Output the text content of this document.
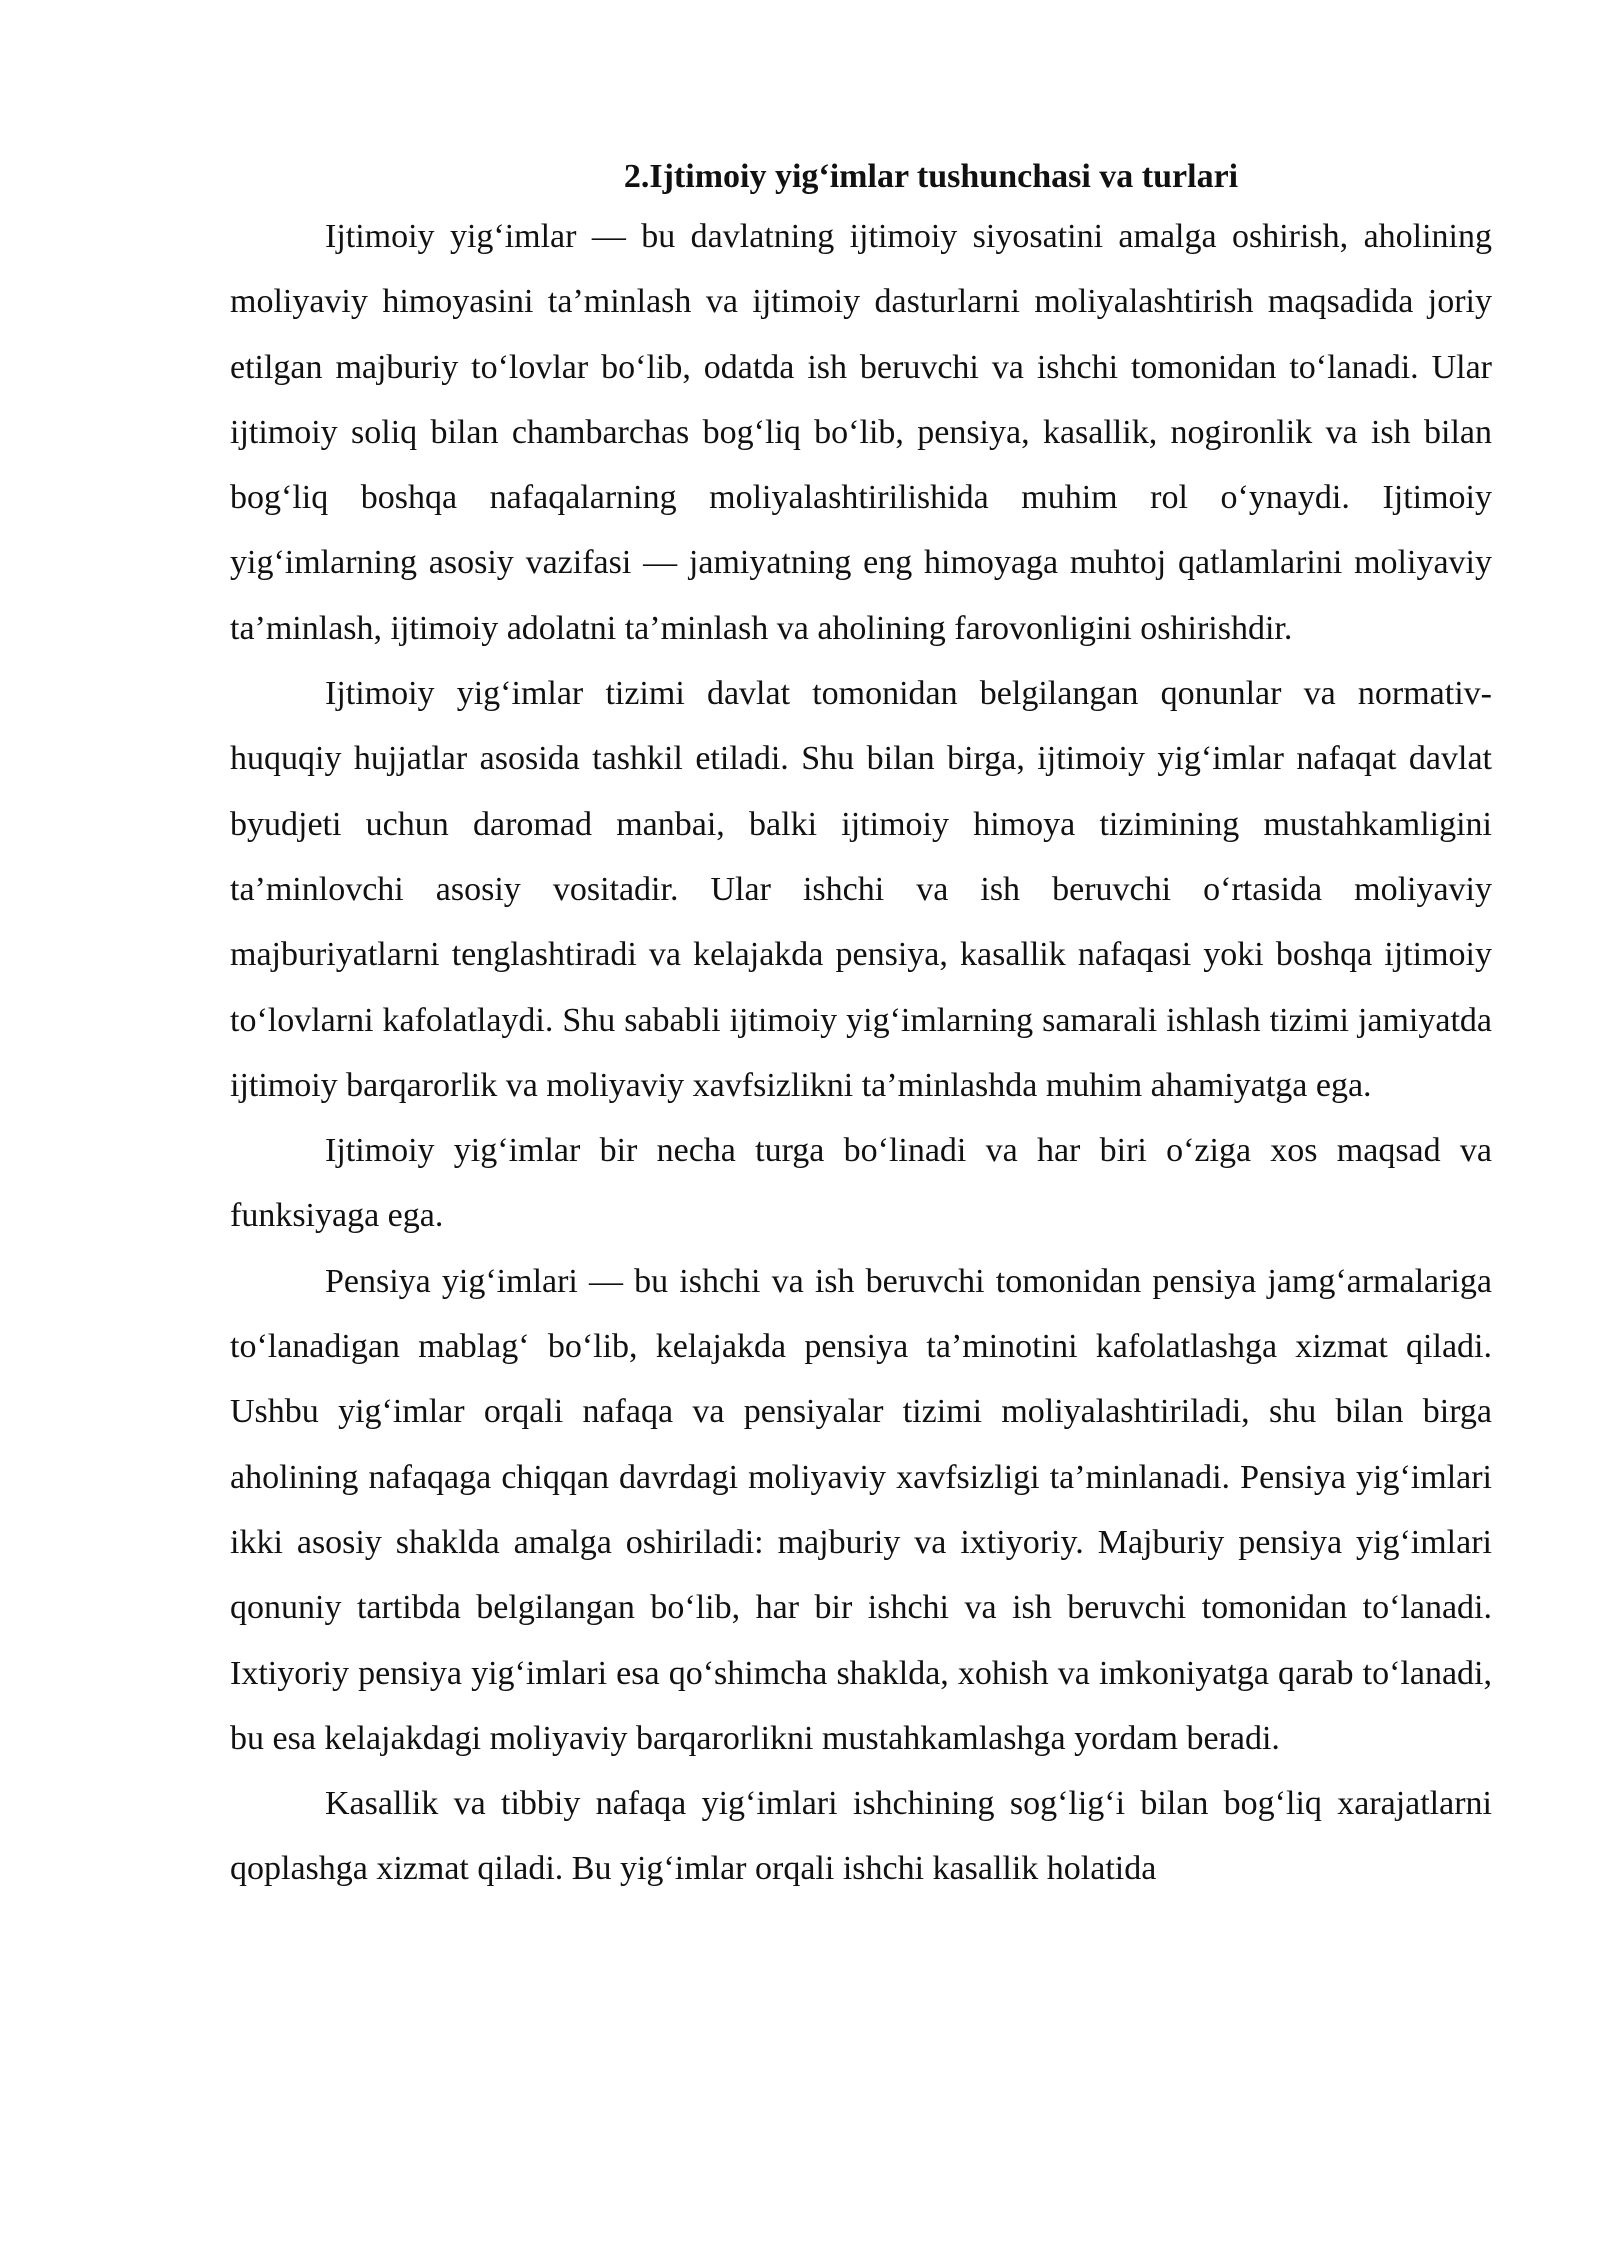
2.Ijtimoiy yig‘imlar tushunchasi va turlari

Ijtimoiy yig‘imlar — bu davlatning ijtimoiy siyosatini amalga oshirish, aholining moliyaviy himoyasini ta’minlash va ijtimoiy dasturlarni moliyalashtirish maqsadida joriy etilgan majburiy to‘lovlar bo‘lib, odatda ish beruvchi va ishchi tomonidan to‘lanadi. Ular ijtimoiy soliq bilan chambarchas bog‘liq bo‘lib, pensiya, kasallik, nogironlik va ish bilan bog‘liq boshqa nafaqalarning moliyalashtirilishida muhim rol o‘ynaydi. Ijtimoiy yig‘imlarning asosiy vazifasi — jamiyatning eng himoyaga muhtoj qatlamlarini moliyaviy ta’minlash, ijtimoiy adolatni ta’minlash va aholining farovonligini oshirishdir.

Ijtimoiy yig‘imlar tizimi davlat tomonidan belgilangan qonunlar va normativ-huquqiy hujjatlar asosida tashkil etiladi. Shu bilan birga, ijtimoiy yig‘imlar nafaqat davlat byudjeti uchun daromad manbai, balki ijtimoiy himoya tizimining mustahkamligini ta’minlovchi asosiy vositadir. Ular ishchi va ish beruvchi o‘rtasida moliyaviy majburiyatlarni tenglashtiradi va kelajakda pensiya, kasallik nafaqasi yoki boshqa ijtimoiy to‘lovlarni kafolatlaydi. Shu sababli ijtimoiy yig‘imlarning samarali ishlash tizimi jamiyatda ijtimoiy barqarorlik va moliyaviy xavfsizlikni ta’minlashda muhim ahamiyatga ega.

Ijtimoiy yig‘imlar bir necha turga bo‘linadi va har biri o‘ziga xos maqsad va funksiyaga ega.

Pensiya yig‘imlari — bu ishchi va ish beruvchi tomonidan pensiya jamg‘armalariga to‘lanadigan mablag‘ bo‘lib, kelajakda pensiya ta’minotini kafolatlashga xizmat qiladi. Ushbu yig‘imlar orqali nafaqa va pensiyalar tizimi moliyalashtiriladi, shu bilan birga aholining nafaqaga chiqqan davrdagi moliyaviy xavfsizligi ta’minlanadi. Pensiya yig‘imlari ikki asosiy shaklda amalga oshiriladi: majburiy va ixtiyoriy. Majburiy pensiya yig‘imlari qonuniy tartibda belgilangan bo‘lib, har bir ishchi va ish beruvchi tomonidan to‘lanadi. Ixtiyoriy pensiya yig‘imlari esa qo‘shimcha shaklda, xohish va imkoniyatga qarab to‘lanadi, bu esa kelajakdagi moliyaviy barqarorlikni mustahkamlashga yordam beradi.

Kasallik va tibbiy nafaqa yig‘imlari ishchining sog‘lig‘i bilan bog‘liq xarajatlarni qoplashga xizmat qiladi. Bu yig‘imlar orqali ishchi kasallik holatida
